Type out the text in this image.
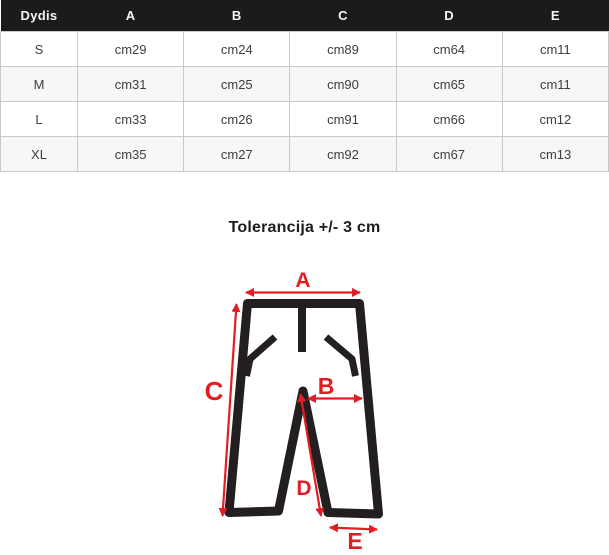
Dydis	A	B	C	D	E
S	cm29	cm24	cm89	cm64	cm11
M	cm31	cm25	cm90	cm65	cm11
L	cm33	cm26	cm91	cm66	cm12
XL	cm35	cm27	cm92	cm67	cm13
Tolerancija +/- 3 cm
A
B
C
D
E
